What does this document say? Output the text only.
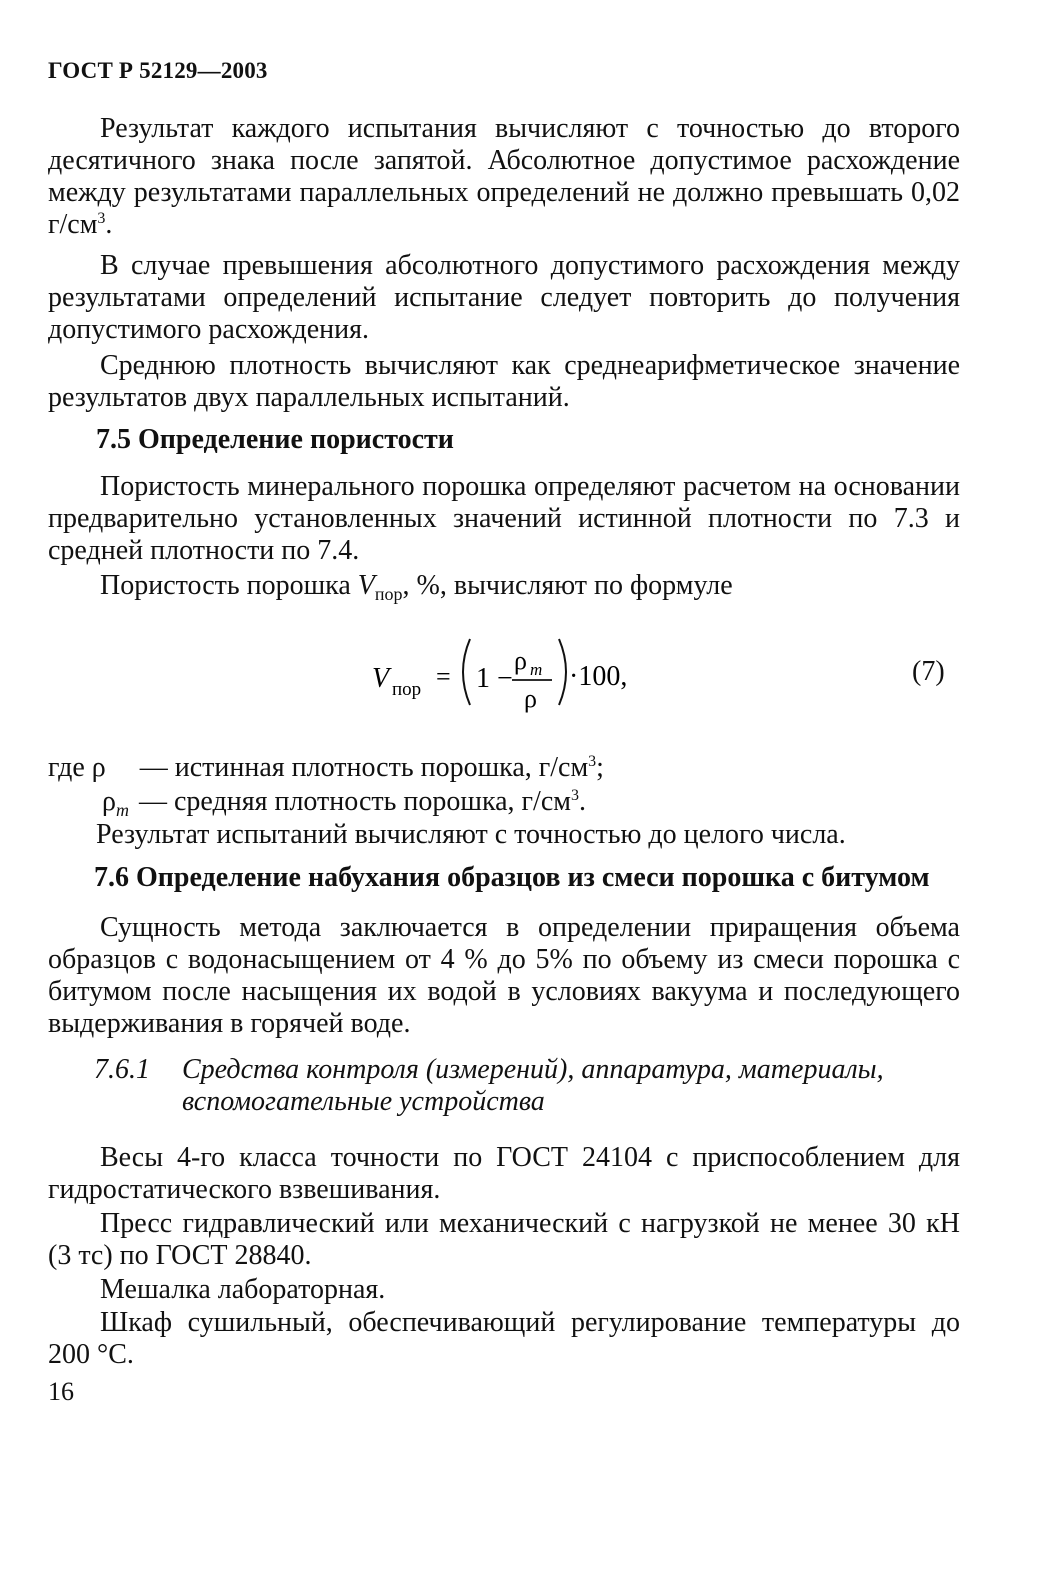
ГОСТ Р 52129—2003
Результат каждого испытания вычисляют с точностью до второго десятичного знака после запятой. Абсолютное допустимое расхождение между результатами параллельных определений не должно превышать 0,02 $г/см^3$.
В случае превышения абсолютного допустимого расхождения между результатами определений испытание следует повторить до получения допустимого расхождения.
Среднюю плотность вычисляют как среднеарифметическое значение результатов двух параллельных испытаний.
7.5 Определение пористости
Пористость минерального порошка определяют расчетом на основании предварительно установленных значений истинной плотности по 7.3 и средней плотности по 7.4.
Пористость порошка $V_{пор}$, %, вычисляют по формуле
V пор = 1 −
ρ m
ρ
·100,	(7)
где ρ — истинная плотность порошка, $г/см^3$;
$\rho_m$ — средняя плотность порошка, $г/см^3$.
Результат испытаний вычисляют с точностью до целого числа.
7.6 Определение набухания образцов из смеси порошка с битумом
Сущность метода заключается в определении приращения объема образцов с водонасыщением от 4 % до 5% по объему из смеси порошка с битумом после насыщения их водой в условиях вакуума и последующего выдерживания в горячей воде.
7.6.1 Средства контроля (измерений), аппаратура, материалы, вспомогательные устройства
Весы 4-го класса точности по ГОСТ 24104 с приспособлением для гидростатического взвешивания.
Пресс гидравлический или механический с нагрузкой не менее 30 кН (3 тс) по ГОСТ 28840.
Мешалка лабораторная.
Шкаф сушильный, обеспечивающий регулирование температуры до 200 °С.
16
